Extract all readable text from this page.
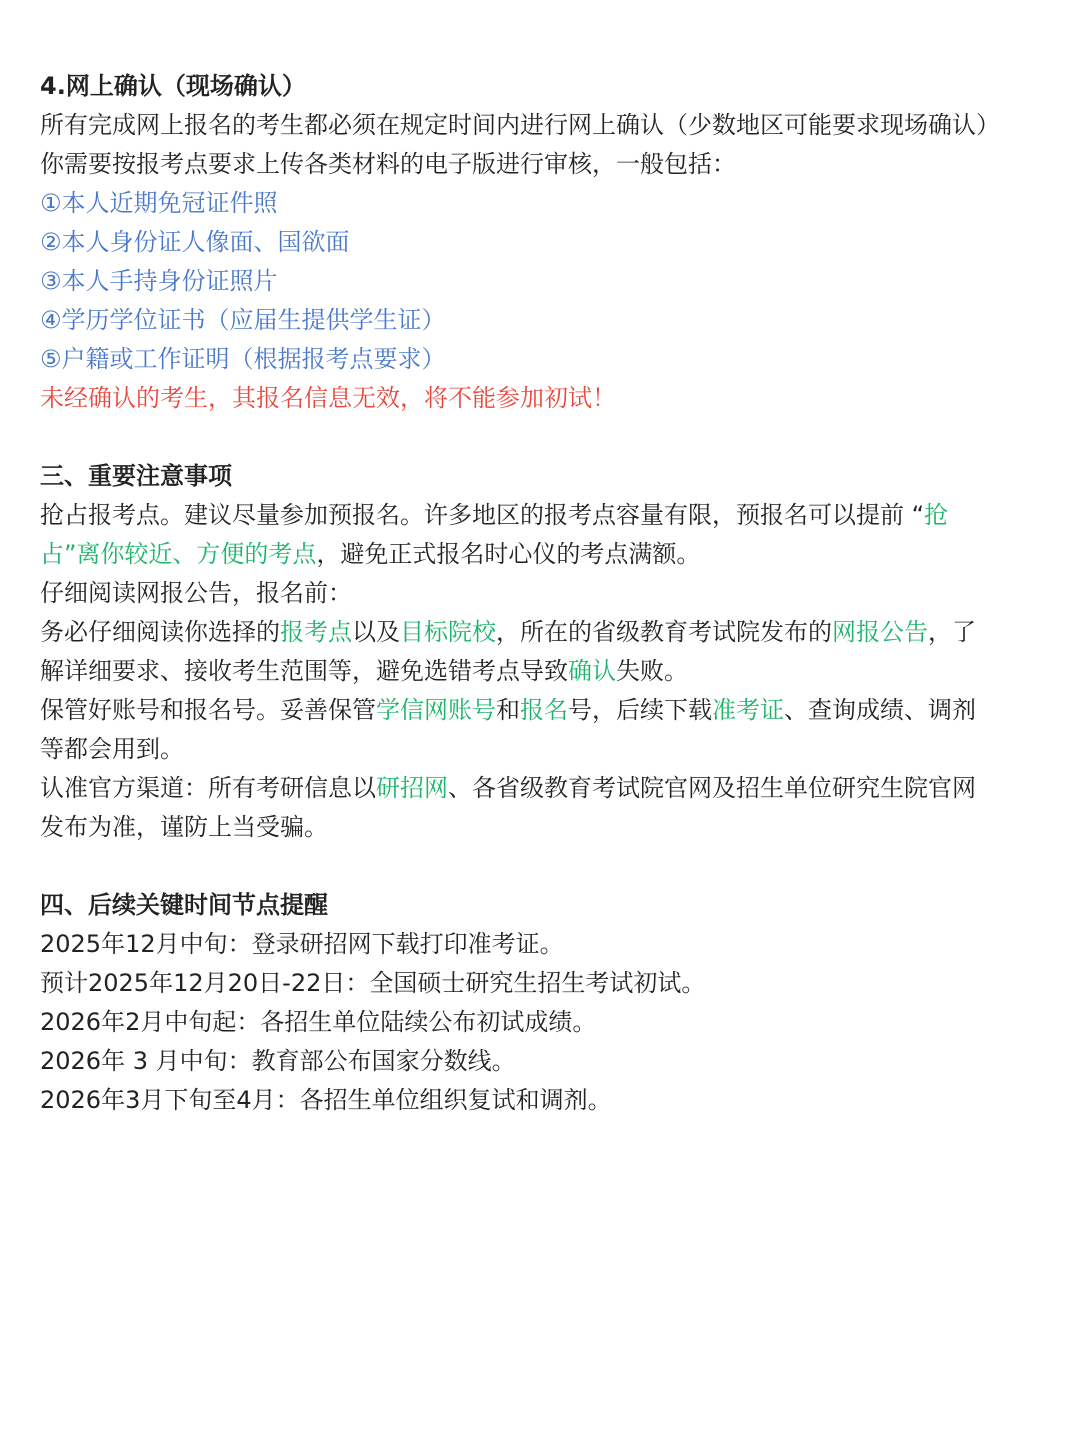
4.网上确认（现场确认）
所有完成网上报名的考生都必须在规定时间内进行网上确认（少数地区可能要求现场确认）
你需要按报考点要求上传各类材料的电子版进行审核，一般包括：
①本人近期免冠证件照
②本人身份证人像面、国欲面
③本人手持身份证照片
④学历学位证书（应届生提供学生证）
⑤户籍或工作证明（根据报考点要求）
未经确认的考生，其报名信息无效，将不能参加初试！
三、重要注意事项
抢占报考点。建议尽量参加预报名。许多地区的报考点容量有限，预报名可以提前 “抢
占”离你较近、方便的考点，避免正式报名时心仪的考点满额。
仔细阅读网报公告，报名前：
务必仔细阅读你选择的报考点以及目标院校，所在的省级教育考试院发布的网报公告，了
解详细要求、接收考生范围等，避免选错考点导致确认失败。
保管好账号和报名号。妥善保管学信网账号和报名号，后续下载准考证、查询成绩、调剂
等都会用到。
认准官方渠道：所有考研信息以研招网、各省级教育考试院官网及招生单位研究生院官网
发布为准，谨防上当受骗。
四、后续关键时间节点提醒
2025年12月中旬：登录研招网下载打印准考证。
预计2025年12月20日-22日：全国硕士研究生招生考试初试。
2026年2月中旬起：各招生单位陆续公布初试成绩。
2026年 3 月中旬：教育部公布国家分数线。
2026年3月下旬至4月：各招生单位组织复试和调剂。
